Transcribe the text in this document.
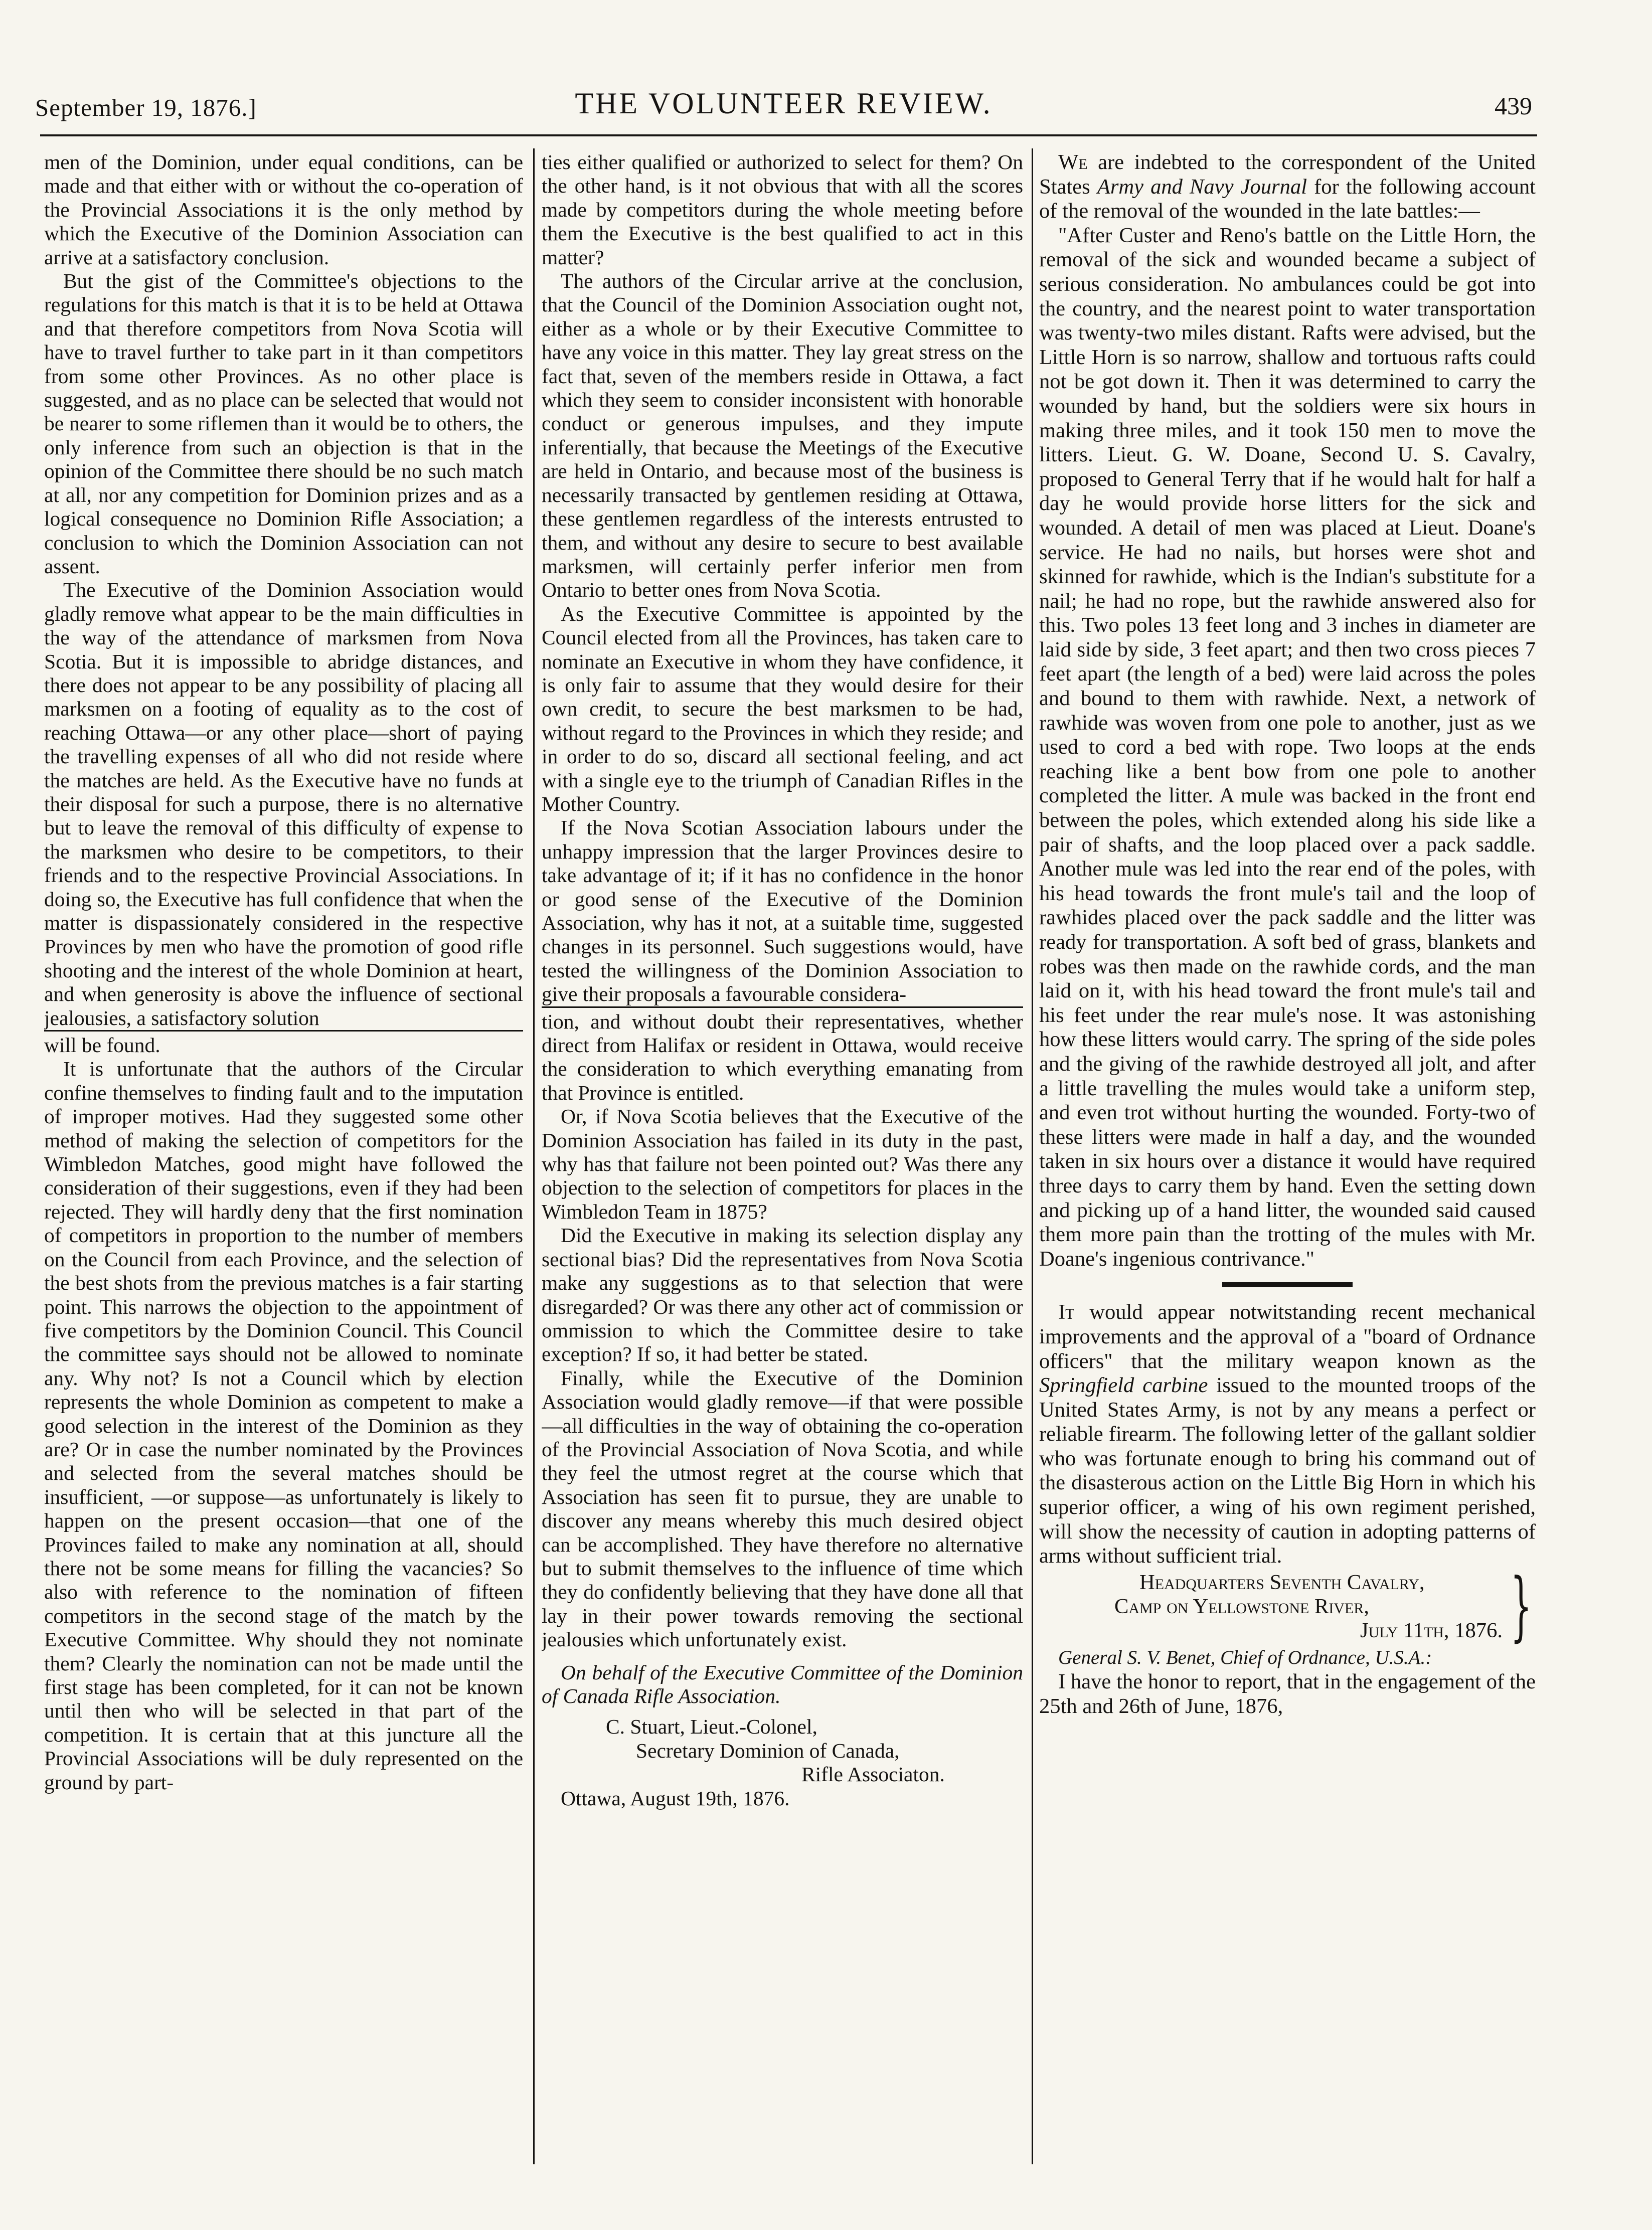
September 19, 1876.]	THE VOLUNTEER REVIEW.	439

men of the Dominion, under equal conditions, can be made and that either with or without the co-operation of the Provincial Associations it is the only method by which the Executive of the Dominion Association can arrive at a satisfactory conclusion.

But the gist of the Committee's objections to the regulations for this match is that it is to be held at Ottawa and that therefore competitors from Nova Scotia will have to travel further to take part in it than competitors from some other Provinces. As no other place is suggested, and as no place can be selected that would not be nearer to some riflemen than it would be to others, the only inference from such an objection is that in the opinion of the Committee there should be no such match at all, nor any competition for Dominion prizes and as a logical consequence no Dominion Rifle Association; a conclusion to which the Dominion Association can not assent.

The Executive of the Dominion Association would gladly remove what appear to be the main difficulties in the way of the attendance of marksmen from Nova Scotia. But it is impossible to abridge distances, and there does not appear to be any possibility of placing all marksmen on a footing of equality as to the cost of reaching Ottawa—or any other place—short of paying the travelling expenses of all who did not reside where the matches are held. As the Executive have no funds at their disposal for such a purpose, there is no alternative but to leave the removal of this difficulty of expense to the marksmen who desire to be competitors, to their friends and to the respective Provincial Associations. In doing so, the Executive has full confidence that when the matter is dispassionately considered in the respective Provinces by men who have the promotion of good rifle shooting and the interest of the whole Dominion at heart, and when generosity is above the influence of sectional jealousies, a satisfactory solution

will be found.

It is unfortunate that the authors of the Circular confine themselves to finding fault and to the imputation of improper motives. Had they suggested some other method of making the selection of competitors for the Wimbledon Matches, good might have followed the consideration of their suggestions, even if they had been rejected. They will hardly deny that the first nomination of competitors in proportion to the number of members on the Council from each Province, and the selection of the best shots from the previous matches is a fair starting point. This narrows the objection to the appointment of five competitors by the Dominion Council. This Council the committee says should not be allowed to nominate any. Why not? Is not a Council which by election represents the whole Dominion as competent to make a good selection in the interest of the Dominion as they are? Or in case the number nominated by the Provinces and selected from the several matches should be insufficient, —or suppose—as unfortunately is likely to happen on the present occasion—that one of the Provinces failed to make any nomination at all, should there not be some means for filling the vacancies? So also with reference to the nomination of fifteen competitors in the second stage of the match by the Executive Committee. Why should they not nominate them? Clearly the nomination can not be made until the first stage has been completed, for it can not be known until then who will be selected in that part of the competition. It is certain that at this juncture all the Provincial Associations will be duly represented on the ground by part-

ties either qualified or authorized to select for them? On the other hand, is it not obvious that with all the scores made by competitors during the whole meeting before them the Executive is the best qualified to act in this matter?

The authors of the Circular arrive at the conclusion, that the Council of the Dominion Association ought not, either as a whole or by their Executive Committee to have any voice in this matter. They lay great stress on the fact that, seven of the members reside in Ottawa, a fact which they seem to consider inconsistent with honorable conduct or generous impulses, and they impute inferentially, that because the Meetings of the Executive are held in Ontario, and because most of the business is necessarily transacted by gentlemen residing at Ottawa, these gentlemen regardless of the interests entrusted to them, and without any desire to secure to best available marksmen, will certainly perfer inferior men from Ontario to better ones from Nova Scotia.

As the Executive Committee is appointed by the Council elected from all the Provinces, has taken care to nominate an Executive in whom they have confidence, it is only fair to assume that they would desire for their own credit, to secure the best marksmen to be had, without regard to the Provinces in which they reside; and in order to do so, discard all sectional feeling, and act with a single eye to the triumph of Canadian Rifles in the Mother Country.

If the Nova Scotian Association labours under the unhappy impression that the larger Provinces desire to take advantage of it; if it has no confidence in the honor or good sense of the Executive of the Dominion Association, why has it not, at a suitable time, suggested changes in its personnel. Such suggestions would, have tested the willingness of the Dominion Association to give their proposals a favourable considera-

tion, and without doubt their representatives, whether direct from Halifax or resident in Ottawa, would receive the consideration to which everything emanating from that Province is entitled.

Or, if Nova Scotia believes that the Executive of the Dominion Association has failed in its duty in the past, why has that failure not been pointed out? Was there any objection to the selection of competitors for places in the Wimbledon Team in 1875?

Did the Executive in making its selection display any sectional bias? Did the representatives from Nova Scotia make any suggestions as to that selection that were disregarded? Or was there any other act of commission or ommission to which the Committee desire to take exception? If so, it had better be stated.

Finally, while the Executive of the Dominion Association would gladly remove—if that were possible—all difficulties in the way of obtaining the co-operation of the Provincial Association of Nova Scotia, and while they feel the utmost regret at the course which that Association has seen fit to pursue, they are unable to discover any means whereby this much desired object can be accomplished. They have therefore no alternative but to submit themselves to the influence of time which they do confidently believing that they have done all that lay in their power towards removing the sectional jealousies which unfortunately exist.

On behalf of the Executive Committee of the Dominion of Canada Rifle Association.

C. Stuart, Lieut.-Colonel,

Secretary Dominion of Canada,

Rifle Associaton.

Ottawa, August 19th, 1876.

We are indebted to the correspondent of the United States Army and Navy Journal for the following account of the removal of the wounded in the late battles:—

"After Custer and Reno's battle on the Little Horn, the removal of the sick and wounded became a subject of serious consideration. No ambulances could be got into the country, and the nearest point to water transportation was twenty-two miles distant. Rafts were advised, but the Little Horn is so narrow, shallow and tortuous rafts could not be got down it. Then it was determined to carry the wounded by hand, but the soldiers were six hours in making three miles, and it took 150 men to move the litters. Lieut. G. W. Doane, Second U. S. Cavalry, proposed to General Terry that if he would halt for half a day he would provide horse litters for the sick and wounded. A detail of men was placed at Lieut. Doane's service. He had no nails, but horses were shot and skinned for rawhide, which is the Indian's substitute for a nail; he had no rope, but the rawhide answered also for this. Two poles 13 feet long and 3 inches in diameter are laid side by side, 3 feet apart; and then two cross pieces 7 feet apart (the length of a bed) were laid across the poles and bound to them with rawhide. Next, a network of rawhide was woven from one pole to another, just as we used to cord a bed with rope. Two loops at the ends reaching like a bent bow from one pole to another completed the litter. A mule was backed in the front end between the poles, which extended along his side like a pair of shafts, and the loop placed over a pack saddle. Another mule was led into the rear end of the poles, with his head towards the front mule's tail and the loop of rawhides placed over the pack saddle and the litter was ready for transportation. A soft bed of grass, blankets and robes was then made on the rawhide cords, and the man laid on it, with his head toward the front mule's tail and his feet under the rear mule's nose. It was astonishing how these litters would carry. The spring of the side poles and the giving of the rawhide destroyed all jolt, and after a little travelling the mules would take a uniform step, and even trot without hurting the wounded. Forty-two of these litters were made in half a day, and the wounded taken in six hours over a distance it would have required three days to carry them by hand. Even the setting down and picking up of a hand litter, the wounded said caused them more pain than the trotting of the mules with Mr. Doane's ingenious contrivance."

It would appear notwitstanding recent mechanical improvements and the approval of a "board of Ordnance officers" that the military weapon known as the Springfield carbine issued to the mounted troops of the United States Army, is not by any means a perfect or reliable firearm. The following letter of the gallant soldier who was fortunate enough to bring his command out of the disasterous action on the Little Big Horn in which his superior officer, a wing of his own regiment perished, will show the necessity of caution in adopting patterns of arms without sufficient trial.

Headquarters Seventh Cavalry,
Camp on Yellowstone River,
July 11th, 1876. }

General S. V. Benet, Chief of Ordnance, U.S.A.:

I have the honor to report, that in the engagement of the 25th and 26th of June, 1876,
